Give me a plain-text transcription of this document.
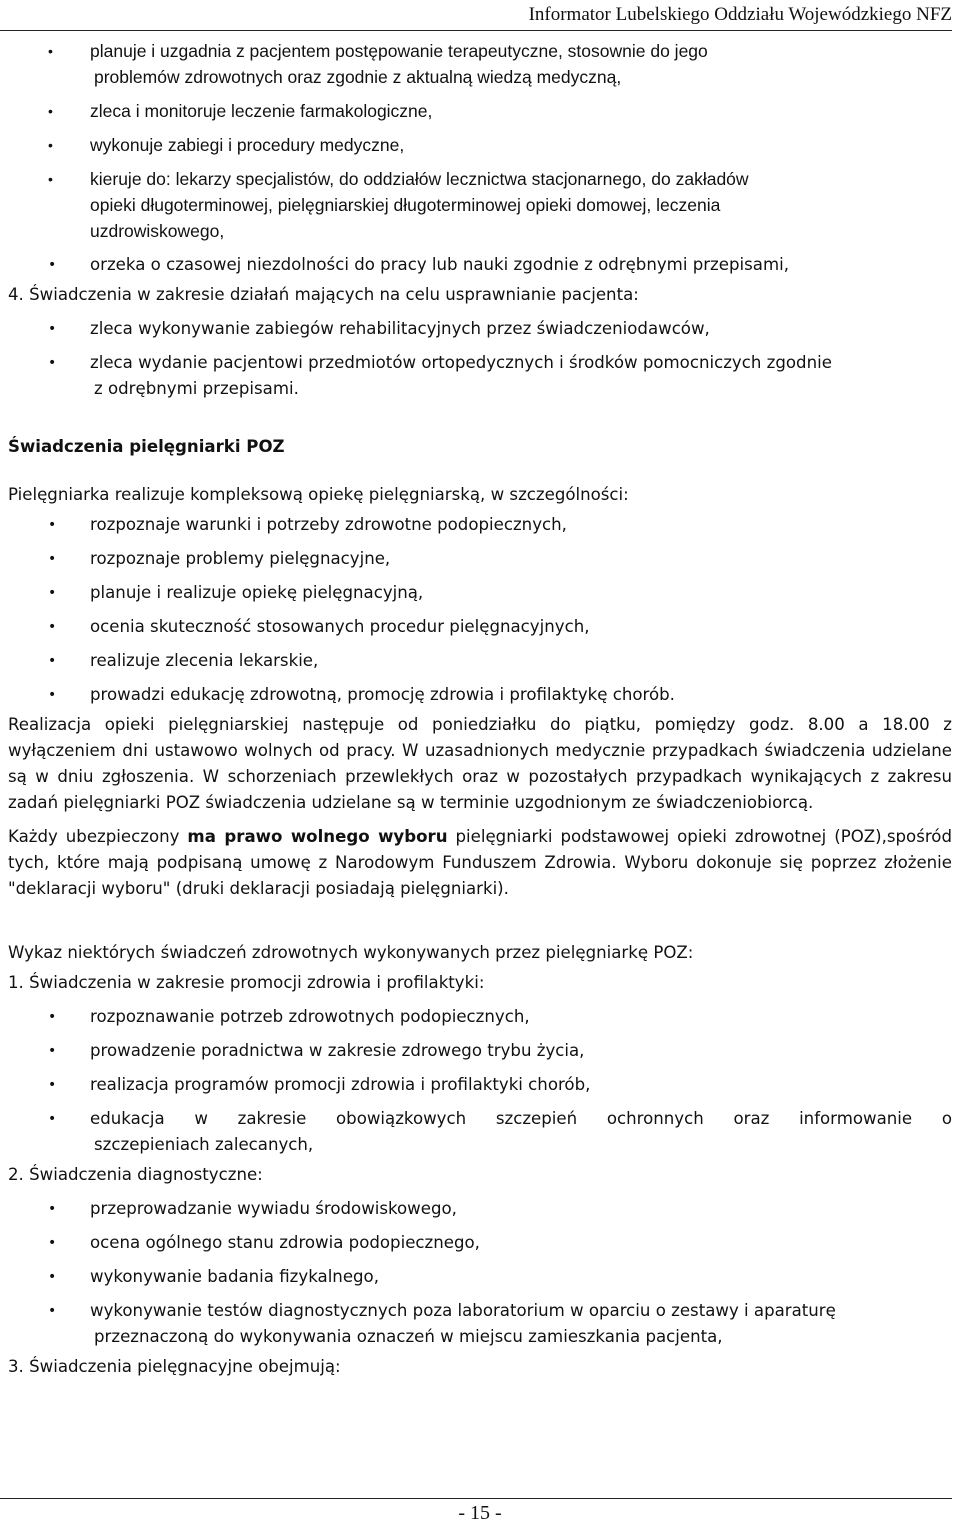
Informator Lubelskiego Oddziału Wojewódzkiego NFZ
• planuje i uzgadnia z pacjentem postępowanie terapeutyczne, stosownie do jego
problemów zdrowotnych oraz zgodnie z aktualną wiedzą medyczną,
• zleca i monitoruje leczenie farmakologiczne,
• wykonuje zabiegi i procedury medyczne,
• kieruje do: lekarzy specjalistów, do oddziałów lecznictwa stacjonarnego, do zakładów
opieki długoterminowej, pielęgniarskiej długoterminowej opieki domowej, leczenia
uzdrowiskowego,
• orzeka o czasowej niezdolności do pracy lub nauki zgodnie z odrębnymi przepisami,

4. Świadczenia w zakresie działań mających na celu usprawnianie pacjenta:

• zleca wykonywanie zabiegów rehabilitacyjnych przez świadczeniodawców,
• zleca wydanie pacjentowi przedmiotów ortopedycznych i środków pomocniczych zgodnie
z odrębnymi przepisami.

Świadczenia pielęgniarki POZ

Pielęgniarka realizuje kompleksową opiekę pielęgniarską, w szczególności:

• rozpoznaje warunki i potrzeby zdrowotne podopiecznych,
• rozpoznaje problemy pielęgnacyjne,
• planuje i realizuje opiekę pielęgnacyjną,
• ocenia skuteczność stosowanych procedur pielęgnacyjnych,
• realizuje zlecenia lekarskie,
• prowadzi edukację zdrowotną, promocję zdrowia i profilaktykę chorób.

Realizacja opieki pielęgniarskiej następuje od poniedziałku do piątku, pomiędzy godz. 8.00 a 18.00 z wyłączeniem dni ustawowo wolnych od pracy. W uzasadnionych medycznie przypadkach świadczenia udzielane są w dniu zgłoszenia. W schorzeniach przewlekłych oraz w pozostałych przypadkach wynikających z zakresu zadań pielęgniarki POZ świadczenia udzielane są w terminie uzgodnionym ze świadczeniobiorcą.

Każdy ubezpieczony ma prawo wolnego wyboru pielęgniarki podstawowej opieki zdrowotnej (POZ),spośród tych, które mają podpisaną umowę z Narodowym Funduszem Zdrowia. Wyboru dokonuje się poprzez złożenie "deklaracji wyboru" (druki deklaracji posiadają pielęgniarki).

Wykaz niektórych świadczeń zdrowotnych wykonywanych przez pielęgniarkę POZ:

1. Świadczenia w zakresie promocji zdrowia i profilaktyki:

• rozpoznawanie potrzeb zdrowotnych podopiecznych,
• prowadzenie poradnictwa w zakresie zdrowego trybu życia,
• realizacja programów promocji zdrowia i profilaktyki chorób,
• edukacja w zakresie obowiązkowych szczepień ochronnych oraz informowanie o
szczepieniach zalecanych,

2. Świadczenia diagnostyczne:

• przeprowadzanie wywiadu środowiskowego,
• ocena ogólnego stanu zdrowia podopiecznego,
• wykonywanie badania fizykalnego,
• wykonywanie testów diagnostycznych poza laboratorium w oparciu o zestawy i aparaturę
przeznaczoną do wykonywania oznaczeń w miejscu zamieszkania pacjenta,

3. Świadczenia pielęgnacyjne obejmują:

- 15 -
